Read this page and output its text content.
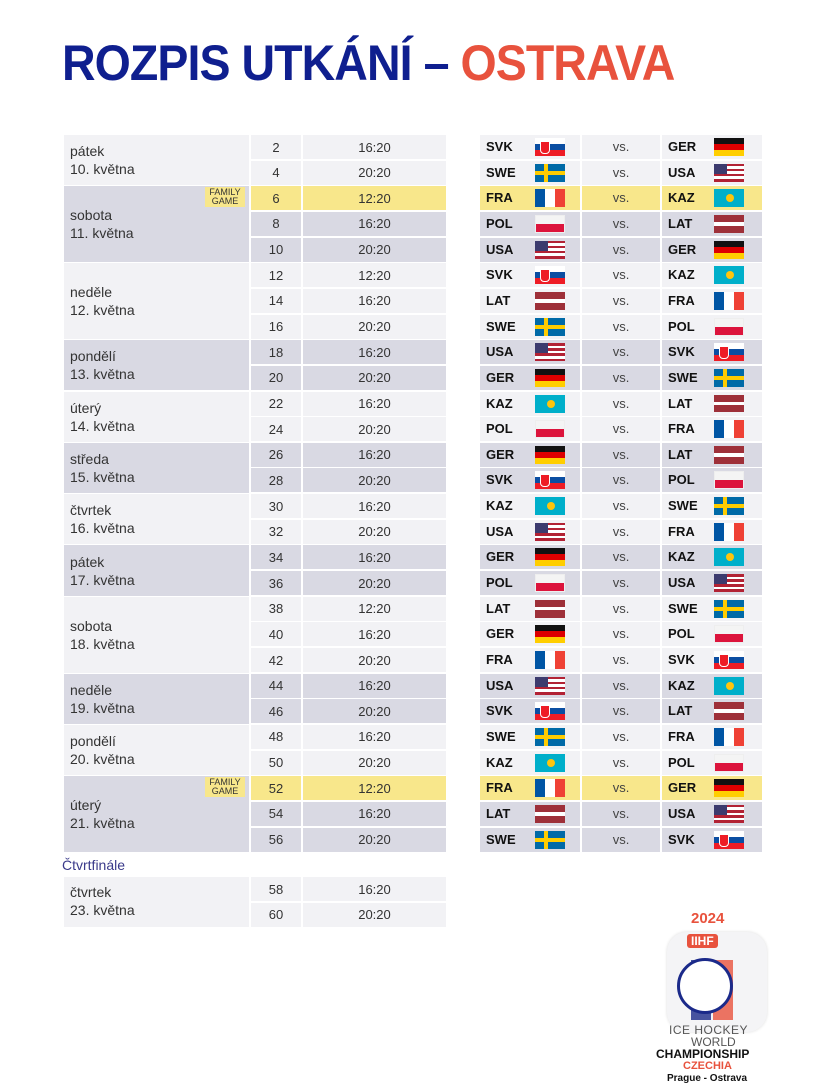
ROZPIS UTKÁNÍ – OSTRAVA
pátek
10. května
2	16:20	SVK	vs.	GER
4	20:20	SWE	vs.	USA
sobota
11. května
FAMILY GAME	6	12:20	FRA	vs.	KAZ
8	16:20	POL	vs.	LAT
10	20:20	USA	vs.	GER
neděle
12. května
12	12:20	SVK	vs.	KAZ
14	16:20	LAT	vs.	FRA
16	20:20	SWE	vs.	POL
pondělí
13. května
18	16:20	USA	vs.	SVK
20	20:20	GER	vs.	SWE
úterý
14. května
22	16:20	KAZ	vs.	LAT
24	20:20	POL	vs.	FRA
středa
15. května
26	16:20	GER	vs.	LAT
28	20:20	SVK	vs.	POL
čtvrtek
16. května
30	16:20	KAZ	vs.	SWE
32	20:20	USA	vs.	FRA
pátek
17. května
34	16:20	GER	vs.	KAZ
36	20:20	POL	vs.	USA
sobota
18. května
38	12:20	LAT	vs.	SWE
40	16:20	GER	vs.	POL
42	20:20	FRA	vs.	SVK
neděle
19. května
44	16:20	USA	vs.	KAZ
46	20:20	SVK	vs.	LAT
pondělí
20. května
48	16:20	SWE	vs.	FRA
50	20:20	KAZ	vs.	POL
úterý
21. května
FAMILY GAME	52	12:20	FRA	vs.	GER
54	16:20	LAT	vs.	USA
56	20:20	SWE	vs.	SVK
čtvrtek
23. května
58	16:20
60	20:20
Čtvrtfinále
2024
IIHF
ICE HOCKEY
WORLD
CHAMPIONSHIP
CZECHIA
Prague - Ostrava
